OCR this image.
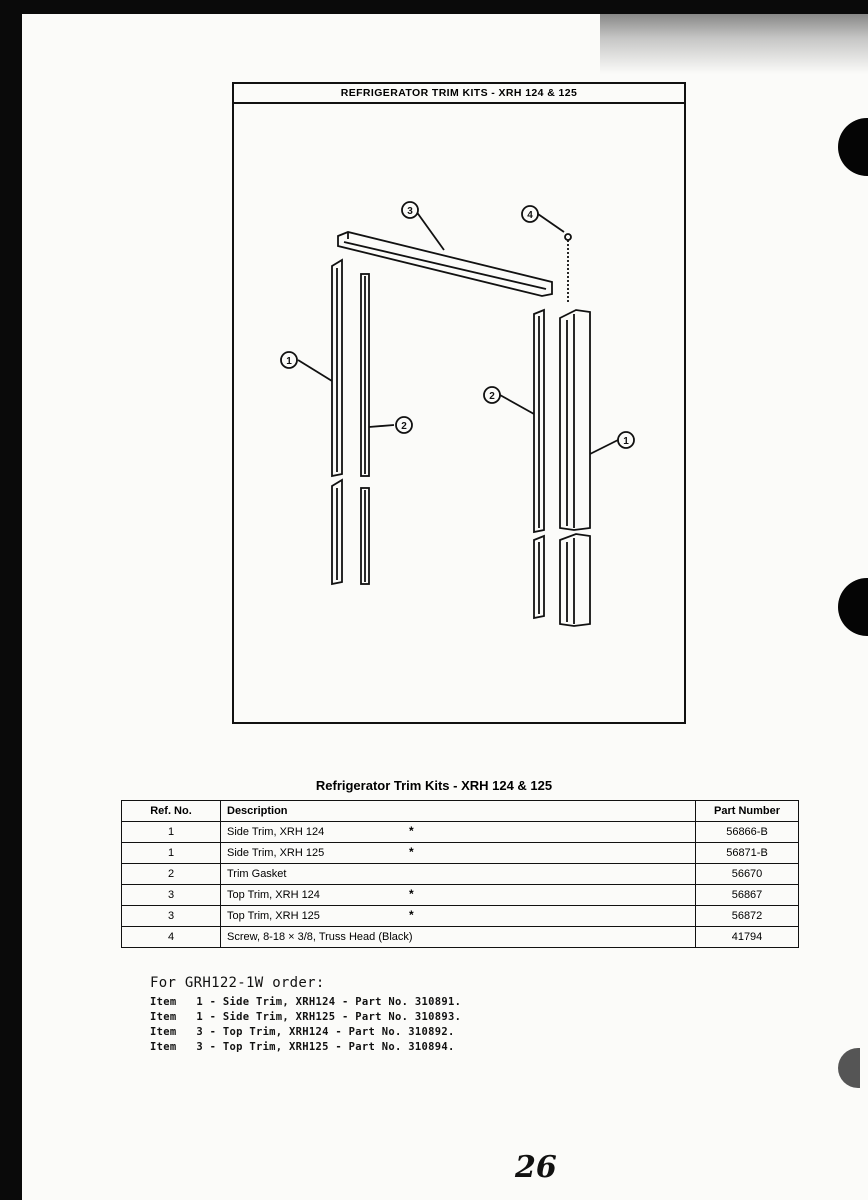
REFRIGERATOR TRIM KITS - XRH 124 & 125
3	4
1
2
2
1
Refrigerator Trim Kits - XRH 124 & 125
Ref. No.	Description	Part Number
1	Side Trim, XRH 124 *	56866-B
1	Side Trim, XRH 125 *	56871-B
2	Trim Gasket	56670
3	Top Trim, XRH 124 *	56867
3	Top Trim, XRH 125 *	56872
4	Screw, 8-18 × 3/8, Truss Head (Black)	41794
For GRH122-1W order:
Item   1 - Side Trim, XRH124 - Part No. 310891.
Item   1 - Side Trim, XRH125 - Part No. 310893.
Item   3 - Top Trim, XRH124 - Part No. 310892.
Item   3 - Top Trim, XRH125 - Part No. 310894.
26
